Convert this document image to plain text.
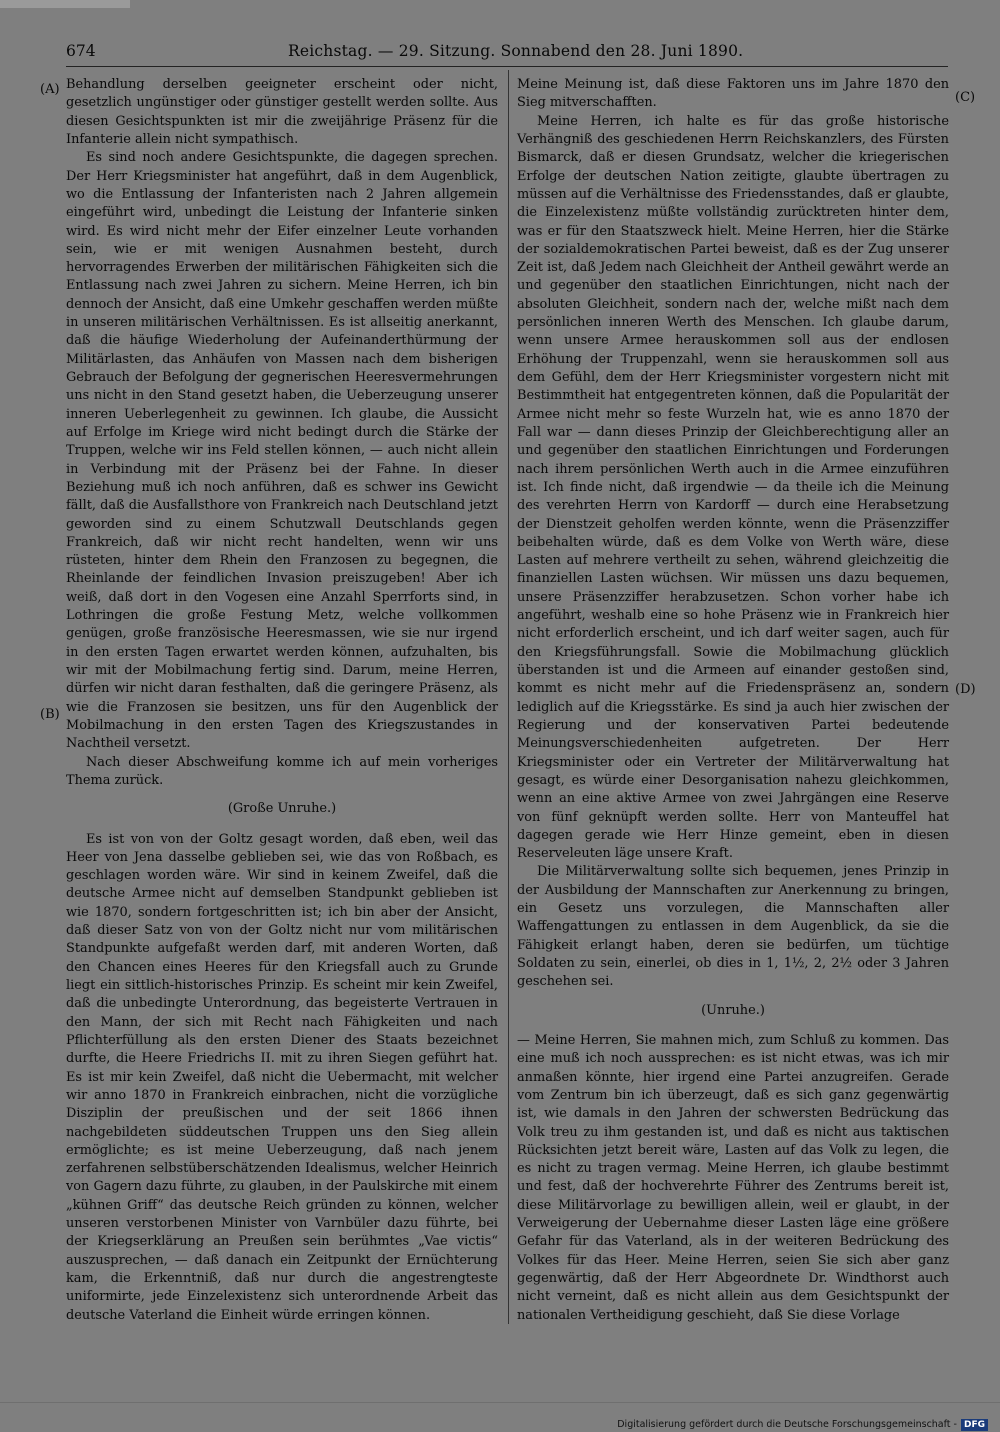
674	Reichstag. — 29. Sitzung. Sonnabend den 28. Juni 1890.
(A)
(B)
(C)
(D)

Behandlung derselben geeigneter erscheint oder nicht, gesetzlich ungünstiger oder günstiger gestellt werden sollte. Aus diesen Gesichtspunkten ist mir die zweijährige Präsenz für die Infanterie allein nicht sympathisch.

Es sind noch andere Gesichtspunkte, die dagegen sprechen. Der Herr Kriegsminister hat angeführt, daß in dem Augenblick, wo die Entlassung der Infanteristen nach 2 Jahren allgemein eingeführt wird, unbedingt die Leistung der Infanterie sinken wird. Es wird nicht mehr der Eifer einzelner Leute vorhanden sein, wie er mit wenigen Ausnahmen besteht, durch hervorragendes Erwerben der militärischen Fähigkeiten sich die Entlassung nach zwei Jahren zu sichern. Meine Herren, ich bin dennoch der Ansicht, daß eine Umkehr geschaffen werden müßte in unseren militärischen Verhältnissen. Es ist allseitig anerkannt, daß die häufige Wiederholung der Aufeinanderthürmung der Militärlasten, das Anhäufen von Massen nach dem bisherigen Gebrauch der Befolgung der gegnerischen Heeresvermehrungen uns nicht in den Stand gesetzt haben, die Ueberzeugung unserer inneren Ueberlegenheit zu gewinnen. Ich glaube, die Aussicht auf Erfolge im Kriege wird nicht bedingt durch die Stärke der Truppen, welche wir ins Feld stellen können, — auch nicht allein in Verbindung mit der Präsenz bei der Fahne. In dieser Beziehung muß ich noch anführen, daß es schwer ins Gewicht fällt, daß die Ausfallsthore von Frankreich nach Deutschland jetzt geworden sind zu einem Schutzwall Deutschlands gegen Frankreich, daß wir nicht recht handelten, wenn wir uns rüsteten, hinter dem Rhein den Franzosen zu begegnen, die Rheinlande der feindlichen Invasion preiszugeben! Aber ich weiß, daß dort in den Vogesen eine Anzahl Sperrforts sind, in Lothringen die große Festung Metz, welche vollkommen genügen, große französische Heeresmassen, wie sie nur irgend in den ersten Tagen erwartet werden können, aufzuhalten, bis wir mit der Mobilmachung fertig sind. Darum, meine Herren, dürfen wir nicht daran festhalten, daß die geringere Präsenz, als wie die Franzosen sie besitzen, uns für den Augenblick der Mobilmachung in den ersten Tagen des Kriegszustandes in Nachtheil versetzt.

Nach dieser Abschweifung komme ich auf mein vorheriges Thema zurück.

(Große Unruhe.)

Es ist von von der Goltz gesagt worden, daß eben, weil das Heer von Jena dasselbe geblieben sei, wie das von Roßbach, es geschlagen worden wäre. Wir sind in keinem Zweifel, daß die deutsche Armee nicht auf demselben Standpunkt geblieben ist wie 1870, sondern fortgeschritten ist; ich bin aber der Ansicht, daß dieser Satz von von der Goltz nicht nur vom militärischen Standpunkte aufgefaßt werden darf, mit anderen Worten, daß den Chancen eines Heeres für den Kriegsfall auch zu Grunde liegt ein sittlich-historisches Prinzip. Es scheint mir kein Zweifel, daß die unbedingte Unterordnung, das begeisterte Vertrauen in den Mann, der sich mit Recht nach Fähigkeiten und nach Pflichterfüllung als den ersten Diener des Staats bezeichnet durfte, die Heere Friedrichs II. mit zu ihren Siegen geführt hat. Es ist mir kein Zweifel, daß nicht die Uebermacht, mit welcher wir anno 1870 in Frankreich einbrachen, nicht die vorzügliche Disziplin der preußischen und der seit 1866 ihnen nachgebildeten süddeutschen Truppen uns den Sieg allein ermöglichte; es ist meine Ueberzeugung, daß nach jenem zerfahrenen selbstüberschätzenden Idealismus, welcher Heinrich von Gagern dazu führte, zu glauben, in der Paulskirche mit einem „kühnen Griff“ das deutsche Reich gründen zu können, welcher unseren verstorbenen Minister von Varnbüler dazu führte, bei der Kriegserklärung an Preußen sein berühmtes „Vae victis“ auszusprechen, — daß danach ein Zeitpunkt der Ernüchterung kam, die Erkenntniß, daß nur durch die angestrengteste uniformirte, jede Einzelexistenz sich unterordnende Arbeit das deutsche Vaterland die Einheit würde erringen können.

Meine Meinung ist, daß diese Faktoren uns im Jahre 1870 den Sieg mitverschafften.

Meine Herren, ich halte es für das große historische Verhängniß des geschiedenen Herrn Reichskanzlers, des Fürsten Bismarck, daß er diesen Grundsatz, welcher die kriegerischen Erfolge der deutschen Nation zeitigte, glaubte übertragen zu müssen auf die Verhältnisse des Friedensstandes, daß er glaubte, die Einzelexistenz müßte vollständig zurücktreten hinter dem, was er für den Staatszweck hielt. Meine Herren, hier die Stärke der sozialdemokratischen Partei beweist, daß es der Zug unserer Zeit ist, daß Jedem nach Gleichheit der Antheil gewährt werde an und gegenüber den staatlichen Einrichtungen, nicht nach der absoluten Gleichheit, sondern nach der, welche mißt nach dem persönlichen inneren Werth des Menschen. Ich glaube darum, wenn unsere Armee herauskommen soll aus der endlosen Erhöhung der Truppenzahl, wenn sie herauskommen soll aus dem Gefühl, dem der Herr Kriegsminister vorgestern nicht mit Bestimmtheit hat entgegentreten können, daß die Popularität der Armee nicht mehr so feste Wurzeln hat, wie es anno 1870 der Fall war — dann dieses Prinzip der Gleichberechtigung aller an und gegenüber den staatlichen Einrichtungen und Forderungen nach ihrem persönlichen Werth auch in die Armee einzuführen ist. Ich finde nicht, daß irgendwie — da theile ich die Meinung des verehrten Herrn von Kardorff — durch eine Herabsetzung der Dienstzeit geholfen werden könnte, wenn die Präsenzziffer beibehalten würde, daß es dem Volke von Werth wäre, diese Lasten auf mehrere vertheilt zu sehen, während gleichzeitig die finanziellen Lasten wüchsen. Wir müssen uns dazu bequemen, unsere Präsenzziffer herabzusetzen. Schon vorher habe ich angeführt, weshalb eine so hohe Präsenz wie in Frankreich hier nicht erforderlich erscheint, und ich darf weiter sagen, auch für den Kriegsführungsfall. Sowie die Mobilmachung glücklich überstanden ist und die Armeen auf einander gestoßen sind, kommt es nicht mehr auf die Friedenspräsenz an, sondern lediglich auf die Kriegsstärke. Es sind ja auch hier zwischen der Regierung und der konservativen Partei bedeutende Meinungsverschiedenheiten aufgetreten. Der Herr Kriegsminister oder ein Vertreter der Militärverwaltung hat gesagt, es würde einer Desorganisation nahezu gleichkommen, wenn an eine aktive Armee von zwei Jahrgängen eine Reserve von fünf geknüpft werden sollte. Herr von Manteuffel hat dagegen gerade wie Herr Hinze gemeint, eben in diesen Reserveleuten läge unsere Kraft.

Die Militärverwaltung sollte sich bequemen, jenes Prinzip in der Ausbildung der Mannschaften zur Anerkennung zu bringen, ein Gesetz uns vorzulegen, die Mannschaften aller Waffengattungen zu entlassen in dem Augenblick, da sie die Fähigkeit erlangt haben, deren sie bedürfen, um tüchtige Soldaten zu sein, einerlei, ob dies in 1, 1½, 2, 2½ oder 3 Jahren geschehen sei.

(Unruhe.)

— Meine Herren, Sie mahnen mich, zum Schluß zu kommen. Das eine muß ich noch aussprechen: es ist nicht etwas, was ich mir anmaßen könnte, hier irgend eine Partei anzugreifen. Gerade vom Zentrum bin ich überzeugt, daß es sich ganz gegenwärtig ist, wie damals in den Jahren der schwersten Bedrückung das Volk treu zu ihm gestanden ist, und daß es nicht aus taktischen Rücksichten jetzt bereit wäre, Lasten auf das Volk zu legen, die es nicht zu tragen vermag. Meine Herren, ich glaube bestimmt und fest, daß der hochverehrte Führer des Zentrums bereit ist, diese Militärvorlage zu bewilligen allein, weil er glaubt, in der Verweigerung der Uebernahme dieser Lasten läge eine größere Gefahr für das Vaterland, als in der weiteren Bedrückung des Volkes für das Heer. Meine Herren, seien Sie sich aber ganz gegenwärtig, daß der Herr Abgeordnete Dr. Windthorst auch nicht verneint, daß es nicht allein aus dem Gesichtspunkt der nationalen Vertheidigung geschieht, daß Sie diese Vorlage

Digitalisierung gefördert durch die Deutsche Forschungsgemeinschaft - DFG
